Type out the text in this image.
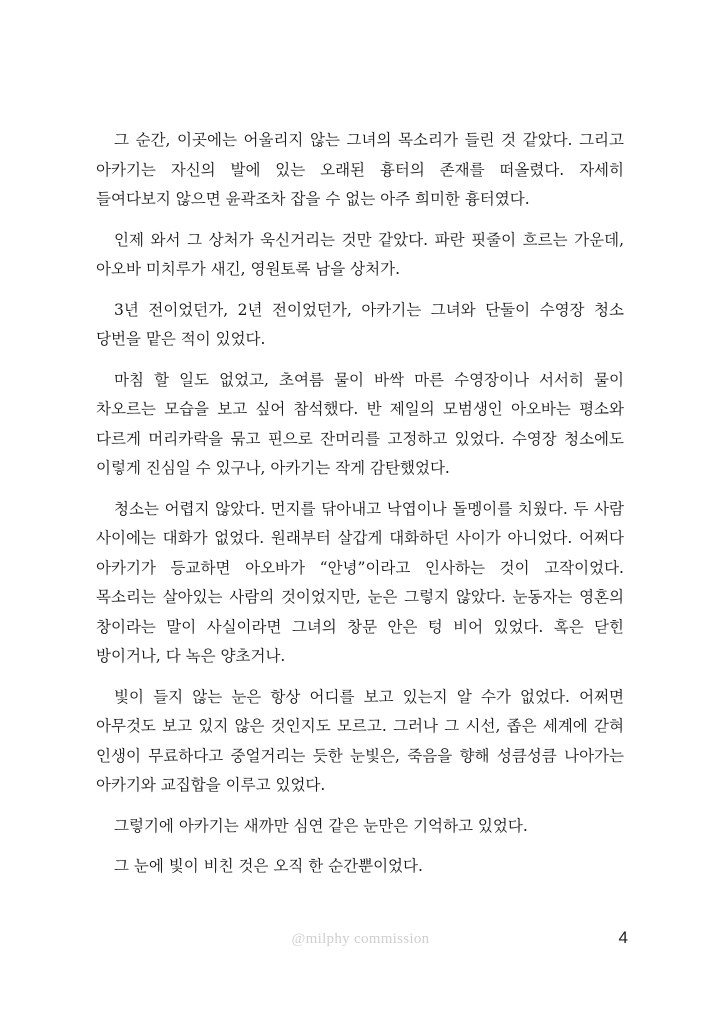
그 순간, 이곳에는 어울리지 않는 그녀의 목소리가 들린 것 같았다. 그리고 아카기는 자신의 발에 있는 오래된 흉터의 존재를 떠올렸다. 자세히 들여다보지 않으면 윤곽조차 잡을 수 없는 아주 희미한 흉터였다.

인제 와서 그 상처가 욱신거리는 것만 같았다. 파란 핏줄이 흐르는 가운데, 아오바 미치루가 새긴, 영원토록 남을 상처가.

3년 전이었던가, 2년 전이었던가, 아카기는 그녀와 단둘이 수영장 청소 당번을 맡은 적이 있었다.

마침 할 일도 없었고, 초여름 물이 바싹 마른 수영장이나 서서히 물이 차오르는 모습을 보고 싶어 참석했다. 반 제일의 모범생인 아오바는 평소와 다르게 머리카락을 묶고 핀으로 잔머리를 고정하고 있었다. 수영장 청소에도 이렇게 진심일 수 있구나, 아카기는 작게 감탄했었다.

청소는 어렵지 않았다. 먼지를 닦아내고 낙엽이나 돌멩이를 치웠다. 두 사람 사이에는 대화가 없었다. 원래부터 살갑게 대화하던 사이가 아니었다. 어쩌다 아카기가 등교하면 아오바가 “안녕”이라고 인사하는 것이 고작이었다. 목소리는 살아있는 사람의 것이었지만, 눈은 그렇지 않았다. 눈동자는 영혼의 창이라는 말이 사실이라면 그녀의 창문 안은 텅 비어 있었다. 혹은 닫힌 방이거나, 다 녹은 양초거나.

빛이 들지 않는 눈은 항상 어디를 보고 있는지 알 수가 없었다. 어쩌면 아무것도 보고 있지 않은 것인지도 모르고. 그러나 그 시선, 좁은 세계에 갇혀 인생이 무료하다고 중얼거리는 듯한 눈빛은, 죽음을 향해 성큼성큼 나아가는 아카기와 교집합을 이루고 있었다.

그렇기에 아카기는 새까만 심연 같은 눈만은 기억하고 있었다.

그 눈에 빛이 비친 것은 오직 한 순간뿐이었다.

@milphy commission	4
